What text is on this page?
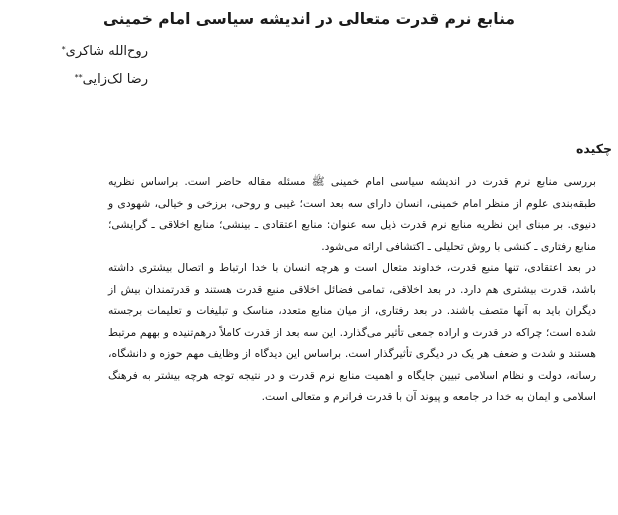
منابع نرم قدرت متعالی در اندیشه سیاسی امام خمینی
روح‌الله شاکری*
رضا لک‌زایی**
چکیده

بررسی منابع نرم قدرت در اندیشه سیاسی امام خمینی ﷺ مسئله مقاله حاضر است. براساس نظریه طبقه‌بندی علوم از منظر امام خمینی، انسان دارای سه بعد است؛ غیبی و روحی، برزخی و خیالی، شهودی و دنیوی. بر مبنای این نظریه منابع نرم قدرت ذیل سه عنوان: منابع اعتقادی ـ بینشی؛ منابع اخلاقی ـ گرایشی؛ منابع رفتاری ـ کنشی با روش تحلیلی ـ اکتشافی ارائه می‌شود.

در بعد اعتقادی، تنها منبع قدرت، خداوند متعال است و هرچه انسان با خدا ارتباط و اتصال بیشتری داشته باشد، قدرت بیشتری هم دارد. در بعد اخلاقی، تمامی فضائل اخلاقی منبع قدرت هستند و قدرتمندان بیش از دیگران باید به آنها متصف باشند. در بعد رفتاری، از میان منابع متعدد، مناسک و تبلیغات و تعلیمات برجسته شده است؛ چراکه در قدرت و اراده جمعی تأثیر می‌گذارد. این سه بعد از قدرت کاملاً درهم‌تنیده و بههم مرتبط هستند و شدت و ضعف هر یک در دیگری تأثیرگذار است. براساس این دیدگاه از وظایف مهم حوزه و دانشگاه، رسانه، دولت و نظام اسلامی تبیین جایگاه و اهمیت منابع نرم قدرت و در نتیجه توجه هرچه بیشتر به فرهنگ اسلامی و ایمان به خدا در جامعه و پیوند آن با قدرت فرانرم و متعالی است.
